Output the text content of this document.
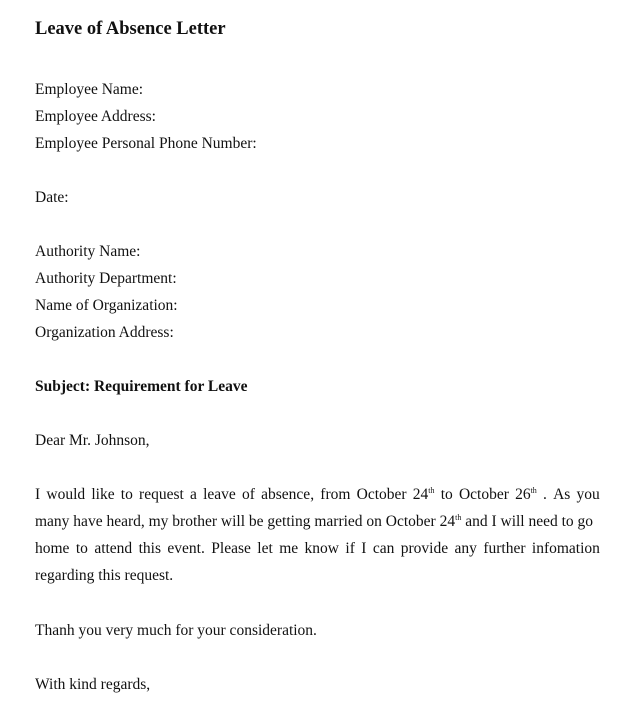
Leave of Absence Letter
Employee Name:
Employee Address:
Employee Personal Phone Number:
Date:
Authority Name:
Authority Department:
Name of Organization:
Organization Address:
Subject: Requirement for Leave
Dear Mr. Johnson,
I would like to request a leave of absence, from October 24th to October 26th . As you
many have heard, my brother will be getting married on October 24th and I will need to go
home to attend this event. Please let me know if I can provide any further infomation
regarding this request.
Thanh you very much for your consideration.
With kind regards,
